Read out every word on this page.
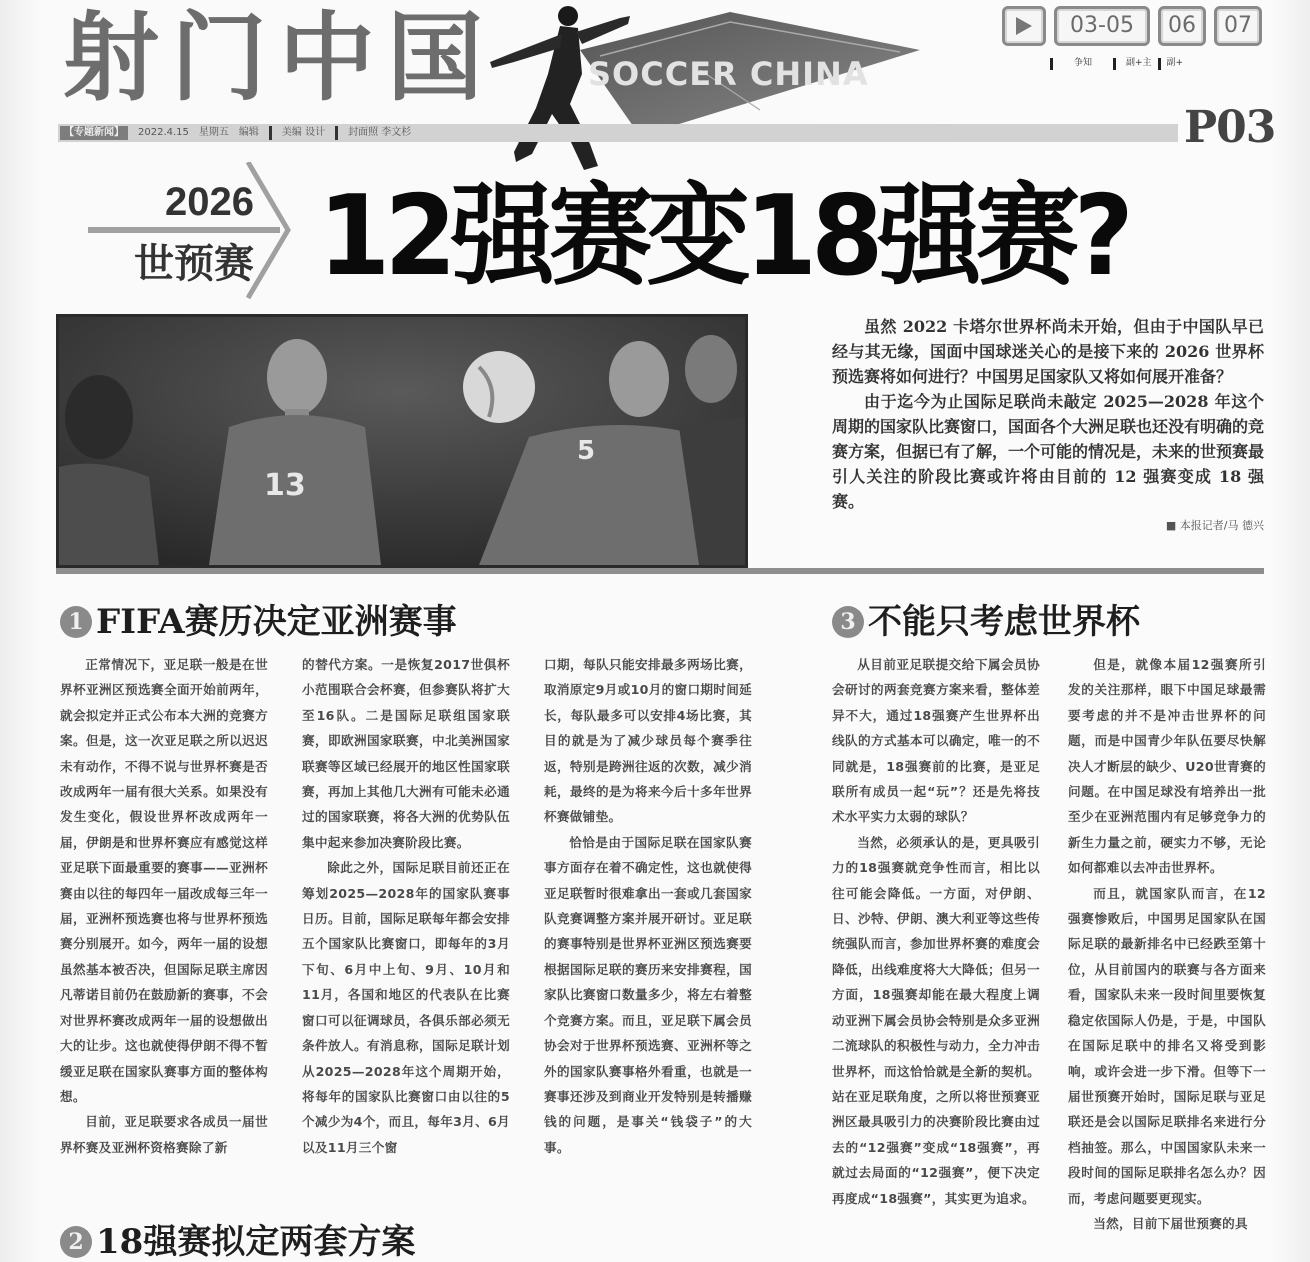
射 门 中 国	SOCCER CHINA
03-05	06	07
争知	副+主 副+
【专题新闻】	2022.4.15 星期五 编辑 美编 设计 封面照 李文杉	P03
2026
世预赛 12强赛变18强赛?
13
5

虽然 2022 卡塔尔世界杯尚未开始，但由于中国队早已经与其无缘，国面中国球迷关心的是接下来的 2026 世界杯预选赛将如何进行？中国男足国家队又将如何展开准备？

由于迄今为止国际足联尚未敲定 2025—2028 年这个周期的国家队比赛窗口，国面各个大洲足联也还没有明确的竞赛方案，但据已有了解，一个可能的情况是，未来的世预赛最引人关注的阶段比赛或许将由目前的 12 强赛变成 18 强赛。

■ 本报记者/马 德兴
1 FIFA赛历决定亚洲赛事	3 不能只考虑世界杯
2 18强赛拟定两套方案

正常情况下，亚足联一般是在世界杯亚洲区预选赛全面开始前两年，就会拟定并正式公布本大洲的竞赛方案。但是，这一次亚足联之所以迟迟未有动作，不得不说与世界杯赛是否改成两年一届有很大关系。如果没有发生变化，假设世界杯改成两年一届，伊朗是和世界杯赛应有感觉这样亚足联下面最重要的赛事——亚洲杯赛由以往的每四年一届改成每三年一届，亚洲杯预选赛也将与世界杯预选赛分别展开。如今，两年一届的设想虽然基本被否决，但国际足联主席因凡蒂诺目前仍在鼓励新的赛事，不会对世界杯赛改成两年一届的设想做出大的让步。这也就使得伊朗不得不暂缓亚足联在国家队赛事方面的整体构想。

目前，亚足联要求各成员一届世界杯赛及亚洲杯资格赛除了新

的替代方案。一是恢复2017世俱杯小范围联合会杯赛，但参赛队将扩大至16队。二是国际足联组国家联赛，即欧洲国家联赛，中北美洲国家联赛等区域已经展开的地区性国家联赛，再加上其他几大洲有可能未必通过的国家联赛，将各大洲的优势队伍集中起来参加决赛阶段比赛。

除此之外，国际足联目前还正在筹划2025—2028年的国家队赛事日历。目前，国际足联每年都会安排五个国家队比赛窗口，即每年的3月下旬、6月中上旬、9月、10月和11月，各国和地区的代表队在比赛窗口可以征调球员，各俱乐部必须无条件放人。有消息称，国际足联计划从2025—2028年这个周期开始，将每年的国家队比赛窗口由以往的5个减少为4个，而且，每年3月、6月以及11月三个窗

口期，每队只能安排最多两场比赛，取消原定9月或10月的窗口期时间延长，每队最多可以安排4场比赛，其目的就是为了减少球员每个赛季往返，特别是跨洲往返的次数，减少消耗，最终的是为将来今后十多年世界杯赛做铺垫。

恰恰是由于国际足联在国家队赛事方面存在着不确定性，这也就使得亚足联暂时很难拿出一套或几套国家队竞赛调整方案并展开研讨。亚足联的赛事特别是世界杯亚洲区预选赛要根据国际足联的赛历来安排赛程，国家队比赛窗口数量多少，将左右着整个竞赛方案。而且，亚足联下属会员协会对于世界杯预选赛、亚洲杯等之外的国家队赛事格外看重，也就是一赛事还涉及到商业开发特别是转播赚钱的问题，是事关“钱袋子”的大事。

从目前亚足联提交给下属会员协会研讨的两套竞赛方案来看，整体差异不大，通过18强赛产生世界杯出线队的方式基本可以确定，唯一的不同就是，18强赛前的比赛，是亚足联所有成员一起“玩”？还是先将技术水平实力太弱的球队？

当然，必须承认的是，更具吸引力的18强赛就竞争性而言，相比以往可能会降低。一方面，对伊朗、日、沙特、伊朗、澳大利亚等这些传统强队而言，参加世界杯赛的难度会降低，出线难度将大大降低；但另一方面，18强赛却能在最大程度上调动亚洲下属会员协会特别是众多亚洲二流球队的积极性与动力，全力冲击世界杯，而这恰恰就是全新的契机。站在亚足联角度，之所以将世预赛亚洲区最具吸引力的决赛阶段比赛由过去的“12强赛”变成“18强赛”，再就过去局面的“12强赛”，便下决定再度成“18强赛”，其实更为追求。

但是，就像本届12强赛所引发的关注那样，眼下中国足球最需要考虑的并不是冲击世界杯的问题，而是中国青少年队伍要尽快解决人才断层的缺少、U20世青赛的问题。在中国足球没有培养出一批至少在亚洲范围内有足够竞争力的新生力量之前，硬实力不够，无论如何都难以去冲击世界杯。

而且，就国家队而言，在12强赛惨败后，中国男足国家队在国际足联的最新排名中已经跌至第十位，从目前国内的联赛与各方面来看，国家队未来一段时间里要恢复稳定依国际人仍是，于是，中国队在国际足联中的排名又将受到影响，或许会进一步下滑。但等下一届世预赛开始时，国际足联与亚足联还是会以国际足联排名来进行分档抽签。那么，中国国家队未来一段时间的国际足联排名怎么办？因而，考虑问题要更现实。

当然，目前下届世预赛的具
